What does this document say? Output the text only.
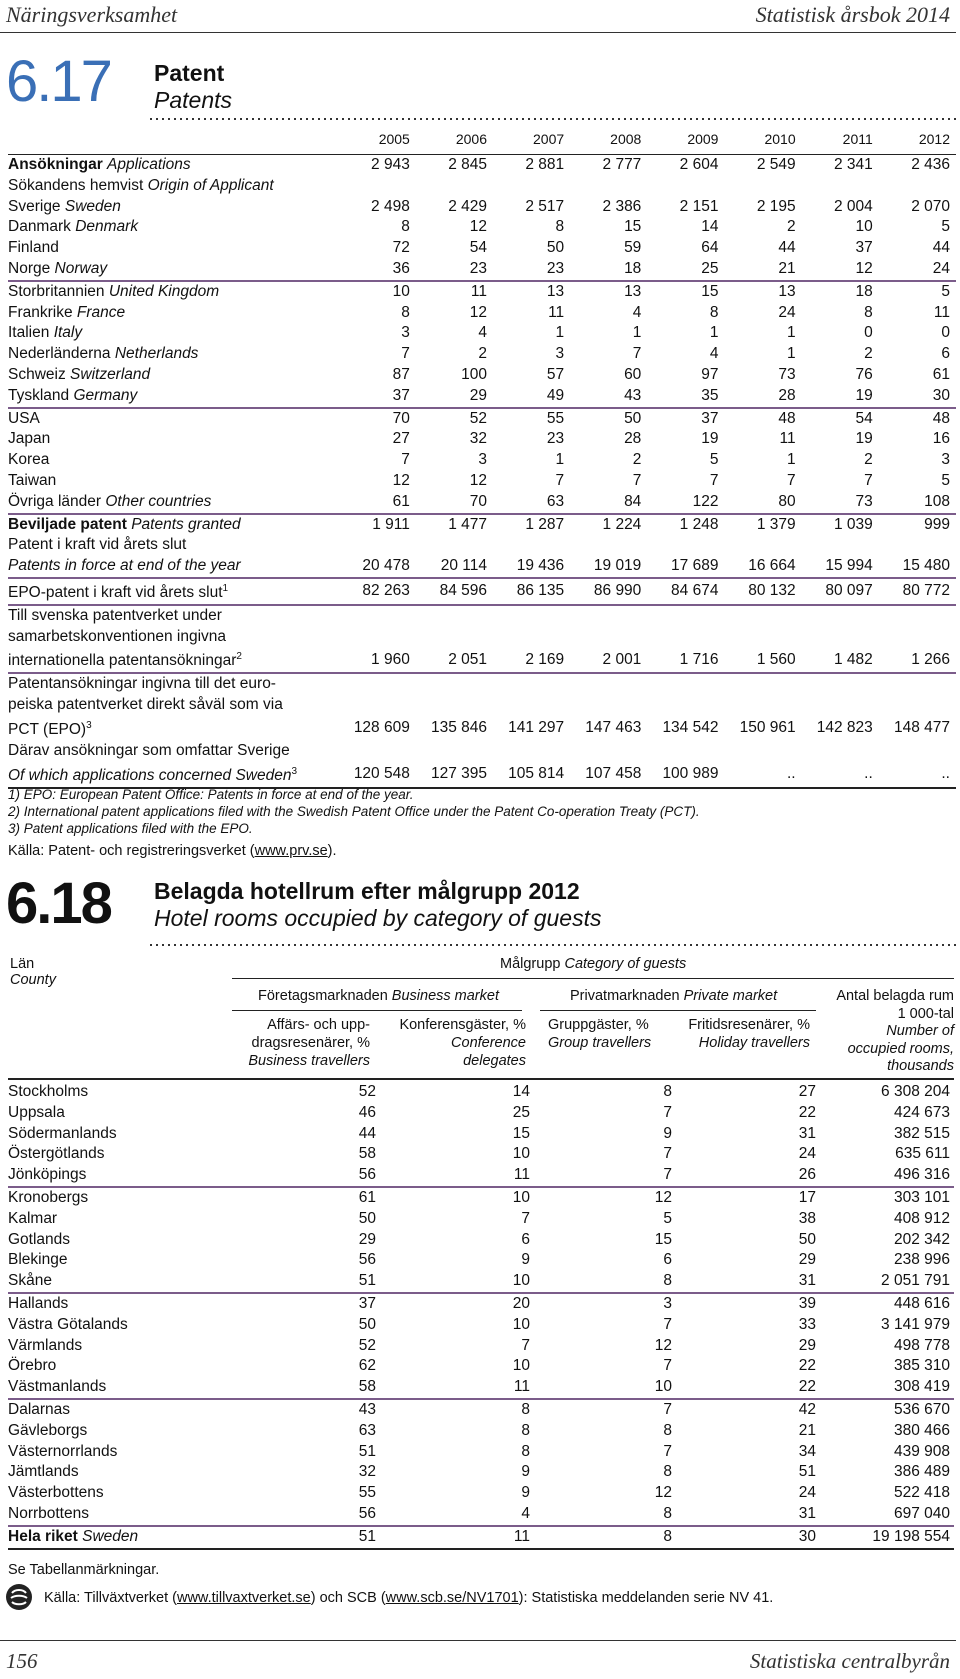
Näringsverksamhet	Statistisk årsbok 2014
6.17 Patent
Patents
	2005	2006	2007	2008	2009	2010	2011	2012
Ansökningar Applications	2 943	2 845	2 881	2 777	2 604	2 549	2 341	2 436
Sökandens hemvist Origin of Applicant								
Sverige Sweden	2 498	2 429	2 517	2 386	2 151	2 195	2 004	2 070
Danmark Denmark	8	12	8	15	14	2	10	5
Finland	72	54	50	59	64	44	37	44
Norge Norway	36	23	23	18	25	21	12	24
Storbritannien United Kingdom	10	11	13	13	15	13	18	5
Frankrike France	8	12	11	4	8	24	8	11
Italien Italy	3	4	1	1	1	1	0	0
Nederländerna Netherlands	7	2	3	7	4	1	2	6
Schweiz Switzerland	87	100	57	60	97	73	76	61
Tyskland Germany	37	29	49	43	35	28	19	30
USA	70	52	55	50	37	48	54	48
Japan	27	32	23	28	19	11	19	16
Korea	7	3	1	2	5	1	2	3
Taiwan	12	12	7	7	7	7	7	5
Övriga länder Other countries	61	70	63	84	122	80	73	108
Beviljade patent Patents granted	1 911	1 477	1 287	1 224	1 248	1 379	1 039	999
Patent i kraft vid årets slut								
Patents in force at end of the year	20 478	20 114	19 436	19 019	17 689	16 664	15 994	15 480
EPO-patent i kraft vid årets slut$^1$	82 263	84 596	86 135	86 990	84 674	80 132	80 097	80 772
Till svenska patentverket under								
samarbetskonventionen ingivna								
internationella patentansökningar$^2$	1 960	2 051	2 169	2 001	1 716	1 560	1 482	1 266
Patentansökningar ingivna till det euro-								
peiska patentverket direkt såväl som via								
PCT (EPO)$^3$	128 609	135 846	141 297	147 463	134 542	150 961	142 823	148 477
Därav ansökningar som omfattar Sverige								
Of which applications concerned Sweden$^3$	120 548	127 395	105 814	107 458	100 989	..	..	..
1) EPO: European Patent Office: Patents in force at end of the year.
2) International patent applications filed with the Swedish Patent Office under the Patent Co-operation Treaty (PCT).
3) Patent applications filed with the EPO.
Källa: Patent- och registreringsverket (www.prv.se).
6.18 Belagda hotellrum efter målgrupp 2012
Hotel rooms occupied by category of guests
Län
County
Målgrupp Category of guests
Företagsmarknaden Business market	Privatmarknaden Private market
Affärs- och upp-
dragsresenärer, %
Business travellers
Konferensgäster, %
Conference
delegates
Gruppgäster, %
Group travellers
Fritidsresenärer, %
Holiday travellers
Antal belagda rum
1 000-tal
Number of
occupied rooms,
thousands
Stockholms	52	14	8	27	6 308 204
Uppsala	46	25	7	22	424 673
Södermanlands	44	15	9	31	382 515
Östergötlands	58	10	7	24	635 611
Jönköpings	56	11	7	26	496 316
Kronobergs	61	10	12	17	303 101
Kalmar	50	7	5	38	408 912
Gotlands	29	6	15	50	202 342
Blekinge	56	9	6	29	238 996
Skåne	51	10	8	31	2 051 791
Hallands	37	20	3	39	448 616
Västra Götalands	50	10	7	33	3 141 979
Värmlands	52	7	12	29	498 778
Örebro	62	10	7	22	385 310
Västmanlands	58	11	10	22	308 419
Dalarnas	43	8	7	42	536 670
Gävleborgs	63	8	8	21	380 466
Västernorrlands	51	8	7	34	439 908
Jämtlands	32	9	8	51	386 489
Västerbottens	55	9	12	24	522 418
Norrbottens	56	4	8	31	697 040
Hela riket Sweden	51	11	8	30	19 198 554
Se Tabellanmärkningar.
Källa: Tillväxtverket (www.tillvaxtverket.se) och SCB (www.scb.se/NV1701): Statistiska meddelanden serie NV 41.
156	Statistiska centralbyrån
